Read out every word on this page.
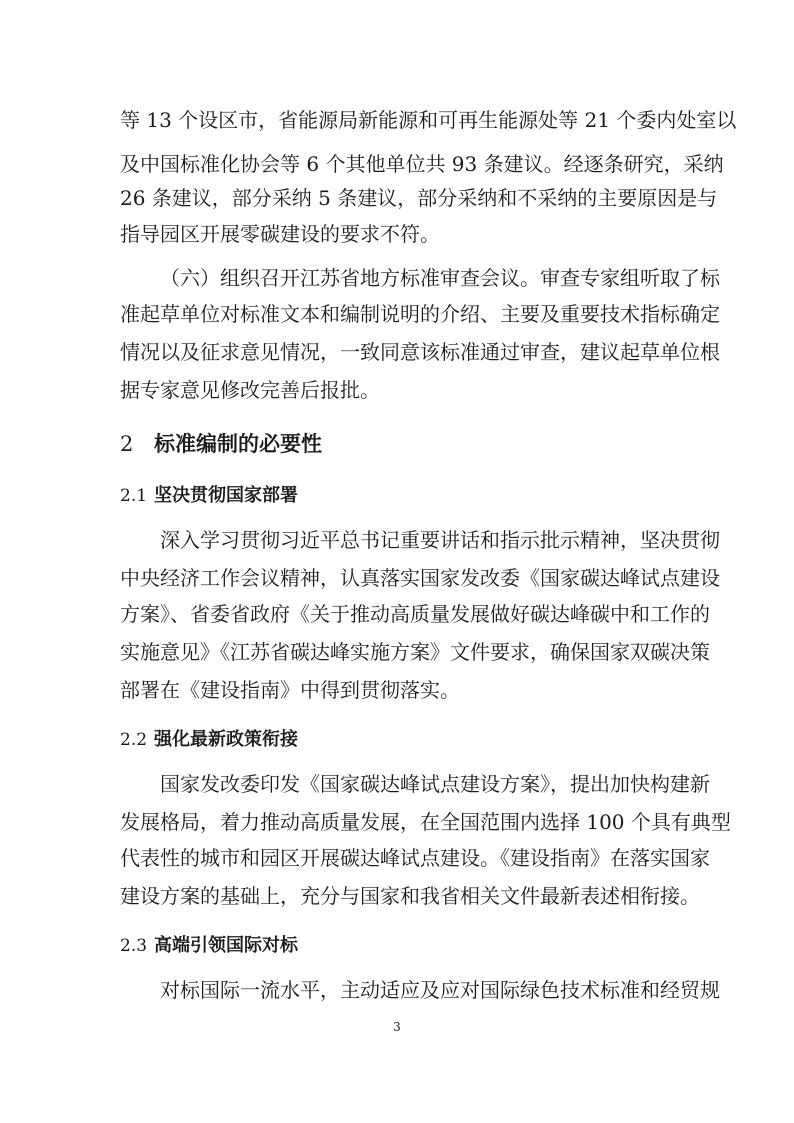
等 13 个设区市，省能源局新能源和可再生能源处等 21 个委内处室以
及中国标准化协会等 6 个其他单位共 93 条建议。经逐条研究，采纳
26 条建议，部分采纳 5 条建议，部分采纳和不采纳的主要原因是与
指导园区开展零碳建设的要求不符。
（六）组织召开江苏省地方标准审查会议。审查专家组听取了标
准起草单位对标准文本和编制说明的介绍、主要及重要技术指标确定
情况以及征求意见情况，一致同意该标准通过审查，建议起草单位根
据专家意见修改完善后报批。
2 标准编制的必要性
2.1 坚决贯彻国家部署
深入学习贯彻习近平总书记重要讲话和指示批示精神，坚决贯彻
中央经济工作会议精神，认真落实国家发改委《国家碳达峰试点建设
方案》、省委省政府《关于推动高质量发展做好碳达峰碳中和工作的
实施意见》《江苏省碳达峰实施方案》文件要求，确保国家双碳决策
部署在《建设指南》中得到贯彻落实。
2.2 强化最新政策衔接
国家发改委印发《国家碳达峰试点建设方案》，提出加快构建新
发展格局，着力推动高质量发展，在全国范围内选择 100 个具有典型
代表性的城市和园区开展碳达峰试点建设。《建设指南》在落实国家
建设方案的基础上，充分与国家和我省相关文件最新表述相衔接。
2.3 高端引领国际对标
对标国际一流水平，主动适应及应对国际绿色技术标准和经贸规
3
